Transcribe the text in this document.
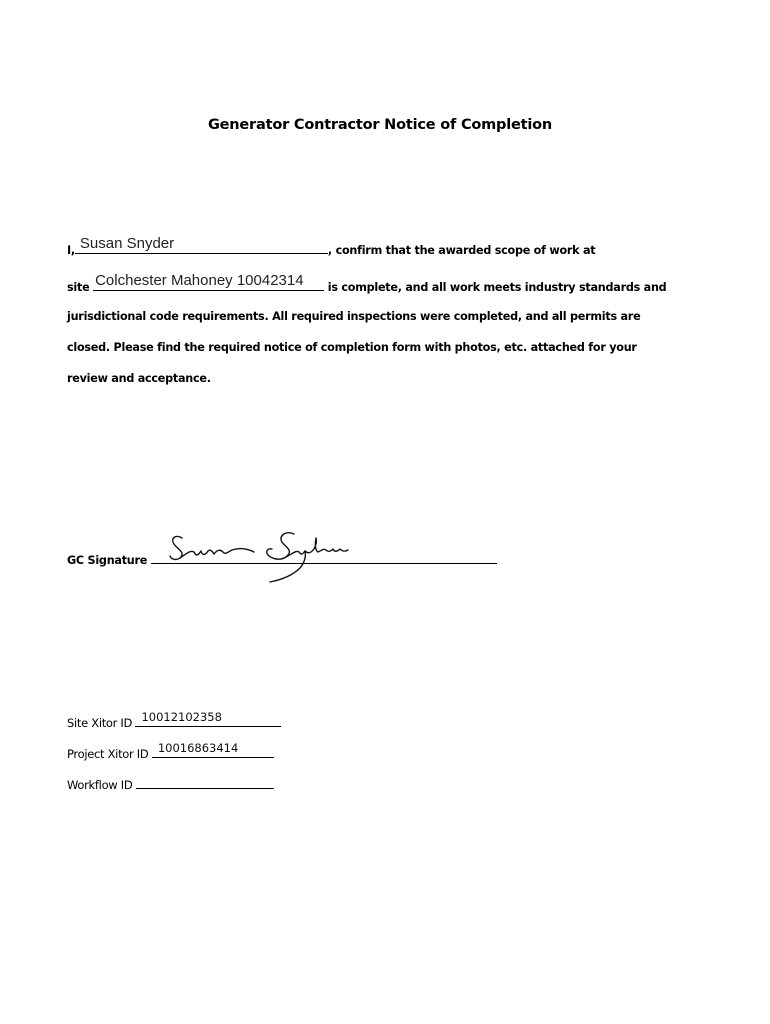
Generator Contractor Notice of Completion
I, Susan Snyder	, confirm that the awarded scope of work at
site Colchester Mahoney 10042314 is complete, and all work meets industry standards and
jurisdictional code requirements. All required inspections were completed, and all permits are
closed. Please find the required notice of completion form with photos, etc. attached for your
review and acceptance.
GC Signature
Site Xitor ID 10012102358
Project Xitor ID 10016863414
Workflow ID
